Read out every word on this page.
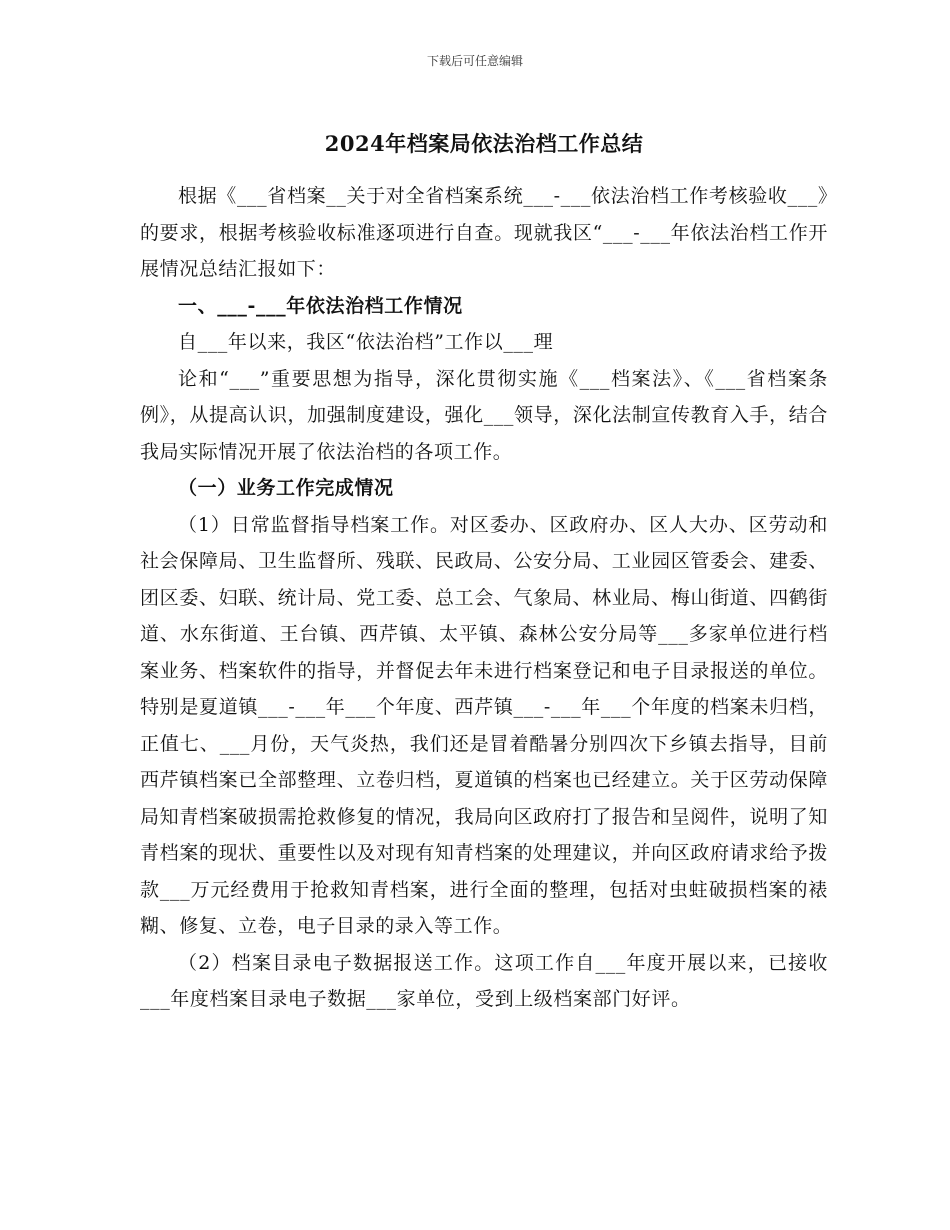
下载后可任意编辑
2024年档案局依法治档工作总结

根据《___省档案__关于对全省档案系统___-___依法治档工作考核验收___》的要求，根据考核验收标准逐项进行自查。现就我区“___-___年依法治档工作开展情况总结汇报如下：

一、___-___年依法治档工作情况

自___年以来，我区“依法治档”工作以___理

论和“___”重要思想为指导，深化贯彻实施《___档案法》、《___省档案条例》，从提高认识，加强制度建设，强化___领导，深化法制宣传教育入手，结合我局实际情况开展了依法治档的各项工作。

（一）业务工作完成情况

（1）日常监督指导档案工作。对区委办、区政府办、区人大办、区劳动和社会保障局、卫生监督所、残联、民政局、公安分局、工业园区管委会、建委、团区委、妇联、统计局、党工委、总工会、气象局、林业局、梅山街道、四鹤街道、水东街道、王台镇、西芹镇、太平镇、森林公安分局等___多家单位进行档案业务、档案软件的指导，并督促去年未进行档案登记和电子目录报送的单位。特别是夏道镇___-___年___个年度、西芹镇___-___年___个年度的档案未归档，正值七、___月份，天气炎热，我们还是冒着酷暑分别四次下乡镇去指导，目前西芹镇档案已全部整理、立卷归档，夏道镇的档案也已经建立。关于区劳动保障局知青档案破损需抢救修复的情况，我局向区政府打了报告和呈阅件，说明了知青档案的现状、重要性以及对现有知青档案的处理建议，并向区政府请求给予拨款___万元经费用于抢救知青档案，进行全面的整理，包括对虫蛀破损档案的裱糊、修复、立卷，电子目录的录入等工作。

（2）档案目录电子数据报送工作。这项工作自___年度开展以来，已接收___年度档案目录电子数据___家单位，受到上级档案部门好评。
